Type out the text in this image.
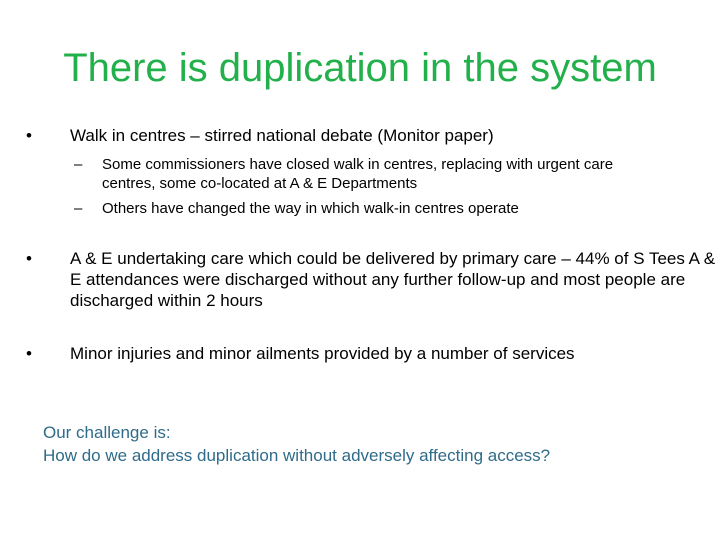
There is duplication in the system
•	Walk in centres – stirred national debate (Monitor paper)
– Some commissioners have closed walk in centres, replacing with urgent care centres, some co-located at A & E Departments
– Others have changed the way in which walk-in centres operate
•	A & E undertaking care which could be delivered by primary care – 44% of S Tees A & E attendances were discharged without any further follow-up and most people are discharged within 2 hours
•	Minor injuries and minor ailments provided by a number of services
Our challenge is:
How do we address duplication without adversely affecting access?
